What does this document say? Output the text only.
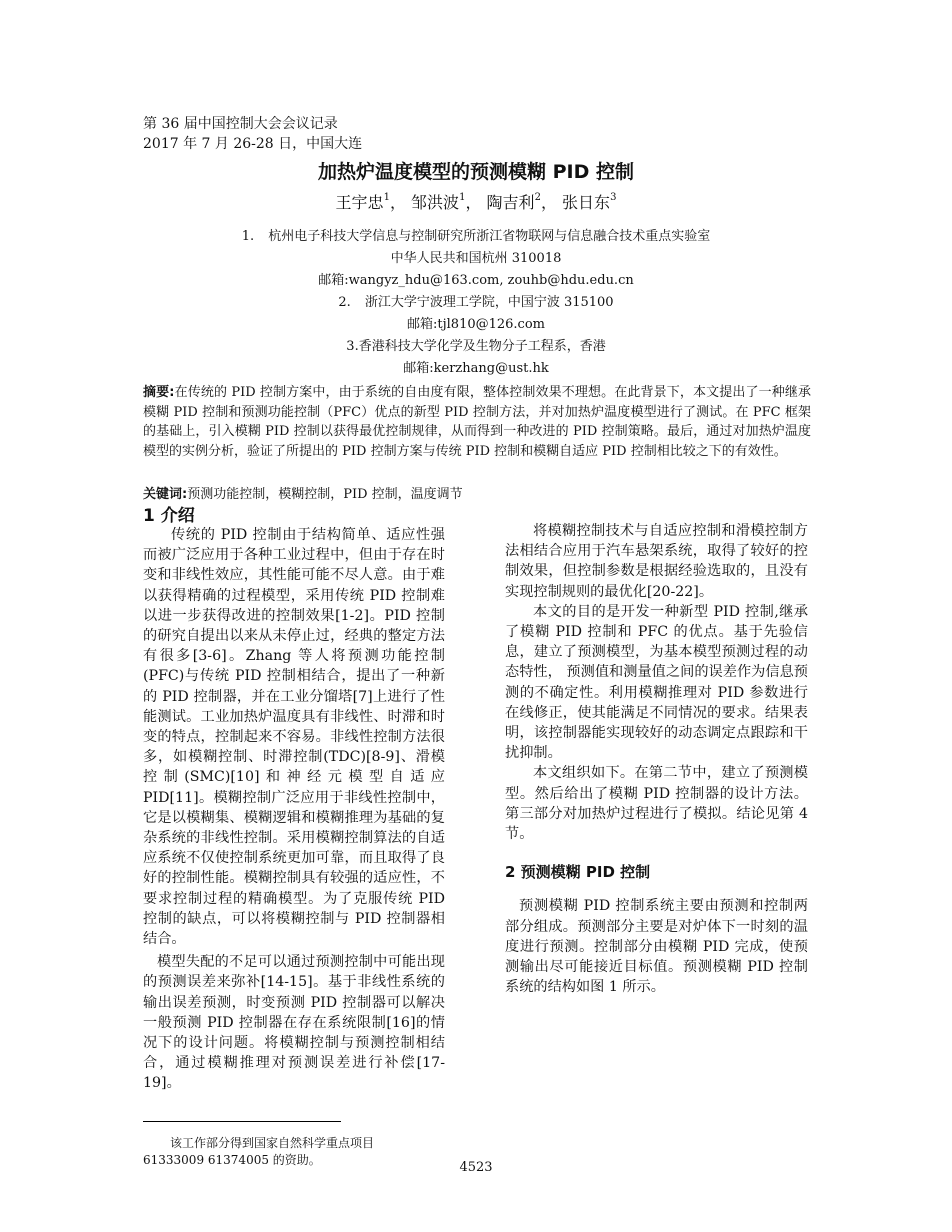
第 36 届中国控制大会会议记录
2017 年 7 月 26-28 日，中国大连
加热炉温度模型的预测模糊 PID 控制
王宇忠$^1$， 邹洪波$^1$， 陶吉利$^2$， 张日东$^3$
1. 杭州电子科技大学信息与控制研究所浙江省物联网与信息融合技术重点实验室
中华人民共和国杭州 310018
邮箱:wangyz_hdu@163.com, zouhb@hdu.edu.cn
2. 浙江大学宁波理工学院，中国宁波 315100
邮箱:tjl810@126.com
3.香港科技大学化学及生物分子工程系，香港
邮箱:kerzhang@ust.hk
摘要:在传统的 PID 控制方案中，由于系统的自由度有限，整体控制效果不理想。在此背景下，本文提出了一种继承模糊 PID 控制和预测功能控制（PFC）优点的新型 PID 控制方法，并对加热炉温度模型进行了测试。在 PFC 框架的基础上，引入模糊 PID 控制以获得最优控制规律，从而得到一种改进的 PID 控制策略。最后，通过对加热炉温度模型的实例分析，验证了所提出的 PID 控制方案与传统 PID 控制和模糊自适应 PID 控制相比较之下的有效性。
关键词:预测功能控制，模糊控制，PID 控制，温度调节
1 介绍

传统的 PID 控制由于结构简单、适应性强而被广泛应用于各种工业过程中，但由于存在时变和非线性效应，其性能可能不尽人意。由于难以获得精确的过程模型，采用传统 PID 控制难以进一步获得改进的控制效果[1-2]。PID 控制的研究自提出以来从未停止过，经典的整定方法有很多[3-6]。Zhang 等人将预测功能控制(PFC)与传统 PID 控制相结合，提出了一种新的 PID 控制器，并在工业分馏塔[7]上进行了性能测试。工业加热炉温度具有非线性、时滞和时变的特点，控制起来不容易。非线性控制方法很多，如模糊控制、时滞控制(TDC)[8-9]、滑模控制(SMC)[10]和神经元模型自适应 PID[11]。模糊控制广泛应用于非线性控制中，它是以模糊集、模糊逻辑和模糊推理为基础的复杂系统的非线性控制。采用模糊控制算法的自适应系统不仅使控制系统更加可靠，而且取得了良好的控制性能。模糊控制具有较强的适应性，不要求控制过程的精确模型。为了克服传统 PID 控制的缺点，可以将模糊控制与 PID 控制器相结合。

模型失配的不足可以通过预测控制中可能出现的预测误差来弥补[14-15]。基于非线性系统的输出误差预测，时变预测 PID 控制器可以解决一般预测 PID 控制器在存在系统限制[16]的情况下的设计问题。将模糊控制与预测控制相结合，通过模糊推理对预测误差进行补偿[17-19]。

将模糊控制技术与自适应控制和滑模控制方法相结合应用于汽车悬架系统，取得了较好的控制效果，但控制参数是根据经验选取的，且没有实现控制规则的最优化[20-22]。

本文的目的是开发一种新型 PID 控制,继承了模糊 PID 控制和 PFC 的优点。基于先验信息，建立了预测模型，为基本模型预测过程的动态特性， 预测值和测量值之间的误差作为信息预测的不确定性。利用模糊推理对 PID 参数进行在线修正，使其能满足不同情况的要求。结果表明，该控制器能实现较好的动态调定点跟踪和干扰抑制。

本文组织如下。在第二节中，建立了预测模型。然后给出了模糊 PID 控制器的设计方法。第三部分对加热炉过程进行了模拟。结论见第 4 节。

2 预测模糊 PID 控制

预测模糊 PID 控制系统主要由预测和控制两部分组成。预测部分主要是对炉体下一时刻的温度进行预测。控制部分由模糊 PID 完成，使预测输出尽可能接近目标值。预测模糊 PID 控制系统的结构如图 1 所示。

该工作部分得到国家自然科学重点项目
61333009 61374005 的资助。	4523
